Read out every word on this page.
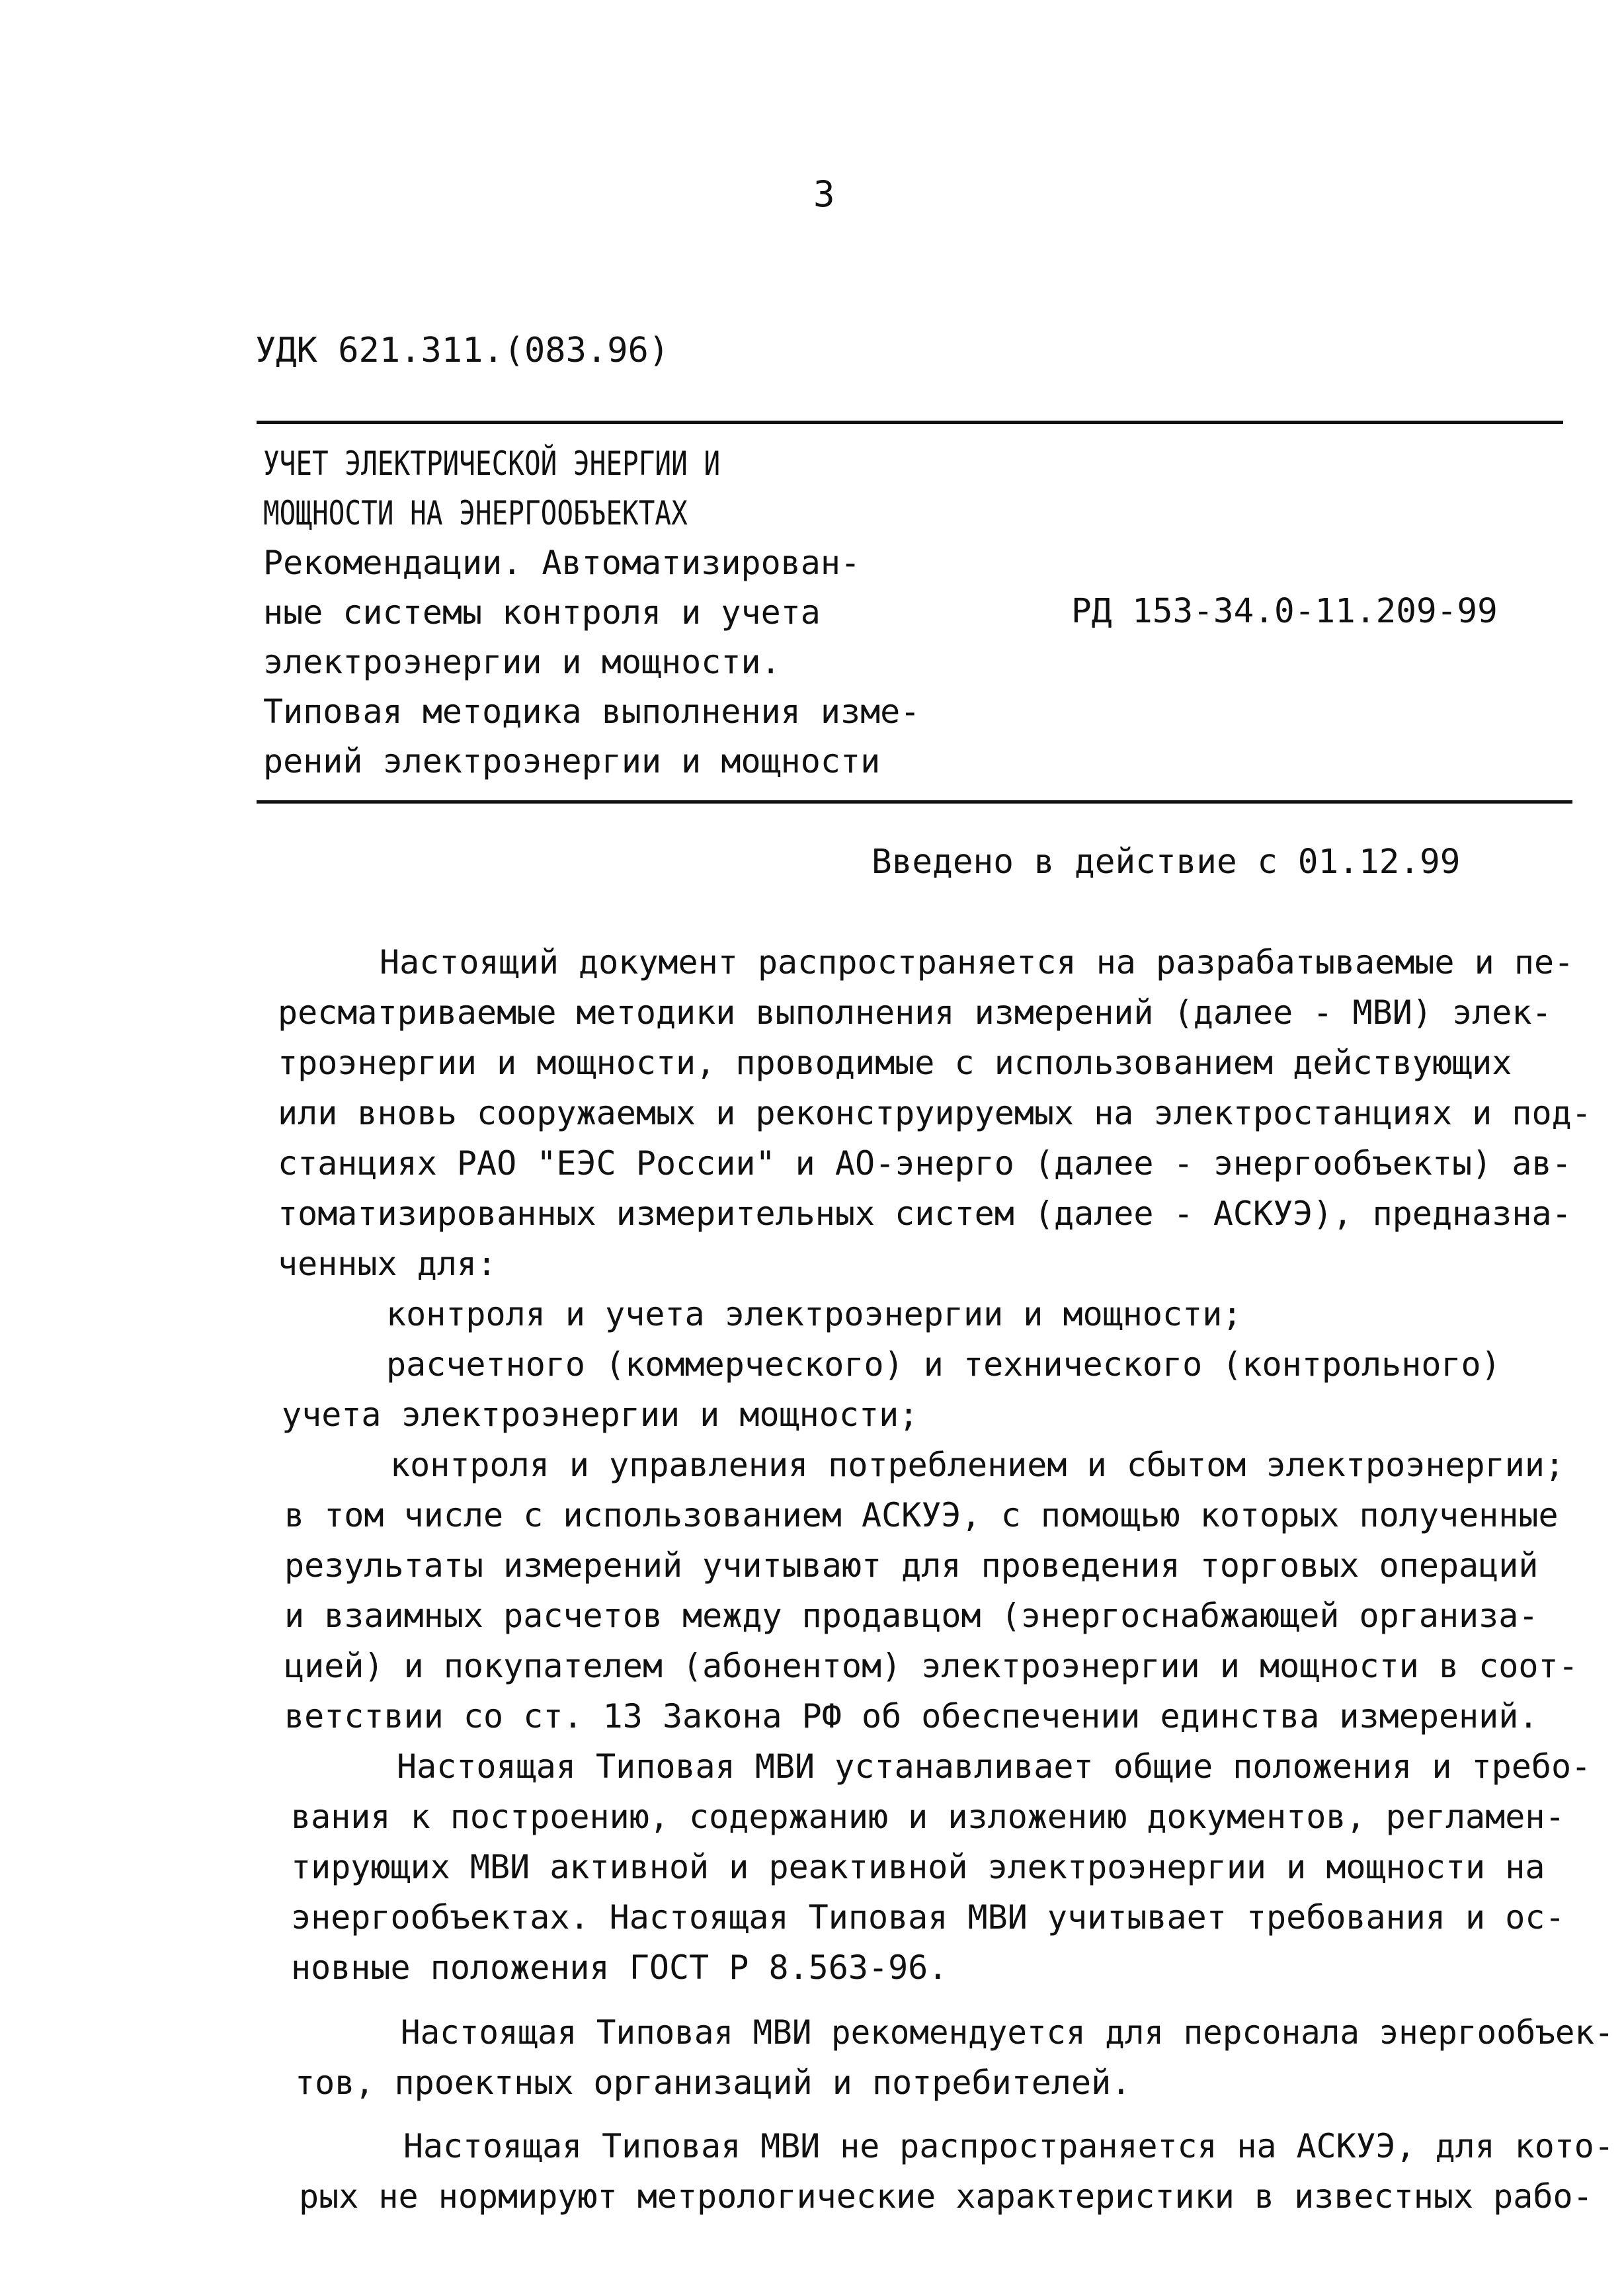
3
УДК 621.311.(083.96)
УЧЕТ ЭЛЕКТРИЧЕСКОЙ ЭНЕРГИИ И
МОЩНОСТИ НА ЭНЕРГООБЪЕКТАХ
Рекомендации. Автоматизирован-
ные системы контроля и учета
электроэнергии и мощности.
Типовая методика выполнения изме-
рений электроэнергии и мощности
РД 153-34.0-11.209-99
Введено в действие с 01.12.99
Настоящий документ распространяется на разрабатываемые и пе-
ресматриваемые методики выполнения измерений (далее - МВИ) элек-
троэнергии и мощности, проводимые с использованием действующих
или вновь сооружаемых и реконструируемых на электростанциях и под-
станциях РАО "ЕЭС России" и АО-энерго (далее - энергообъекты) ав-
томатизированных измерительных систем (далее - АСКУЭ), предназна-
ченных для:
контроля и учета электроэнергии и мощности;
расчетного (коммерческого) и технического (контрольного)
учета электроэнергии и мощности;
контроля и управления потреблением и сбытом электроэнергии;
в том числе с использованием АСКУЭ, с помощью которых полученные
результаты измерений учитывают для проведения торговых операций
и взаимных расчетов между продавцом (энергоснабжающей организа-
цией) и покупателем (абонентом) электроэнергии и мощности в соот-
ветствии со ст. 13 Закона РФ об обеспечении единства измерений.
Настоящая Типовая МВИ устанавливает общие положения и требо-
вания к построению, содержанию и изложению документов, регламен-
тирующих МВИ активной и реактивной электроэнергии и мощности на
энергообъектах. Настоящая Типовая МВИ учитывает требования и ос-
новные положения ГОСТ Р 8.563-96.
Настоящая Типовая МВИ рекомендуется для персонала энергообъек-
тов, проектных организаций и потребителей.
Настоящая Типовая МВИ не распространяется на АСКУЭ, для кото-
рых не нормируют метрологические характеристики в известных рабо-
